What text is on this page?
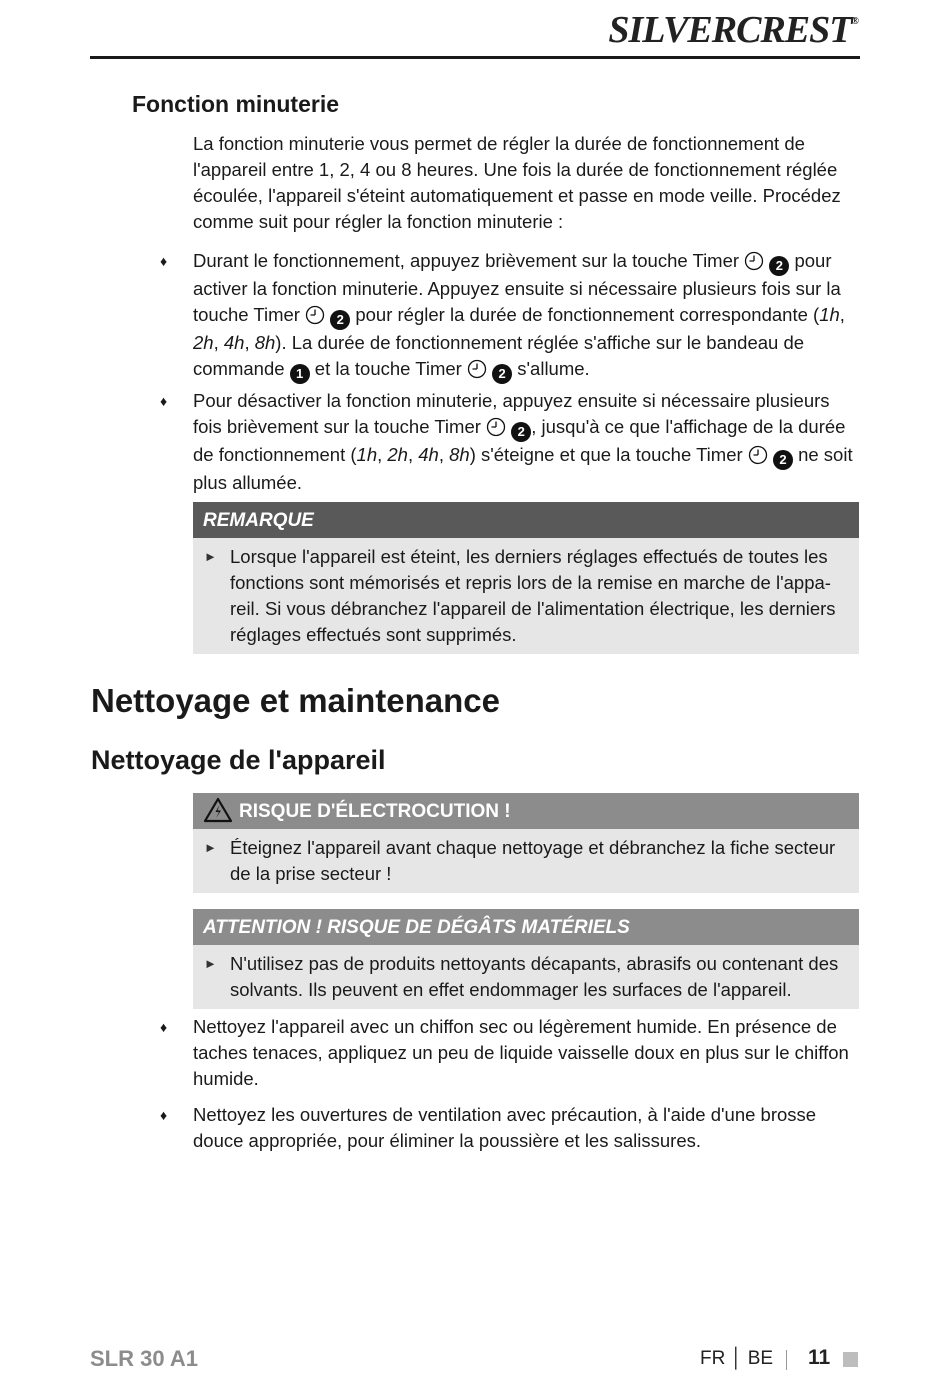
SILVERCREST®
Fonction minuterie
La fonction minuterie vous permet de régler la durée de fonctionnement de l'appareil entre 1, 2, 4 ou 8 heures. Une fois la durée de fonctionnement réglée écoulée, l'appareil s'éteint automatiquement et passe en mode veille. Procédez comme suit pour régler la fonction minuterie :
♦ Durant le fonctionnement, appuyez brièvement sur la touche Timer	2 pour activer la fonction minuterie. Appuyez ensuite si nécessaire plusieurs fois sur la touche Timer	2 pour régler la durée de fonctionnement correspondante (1h, 2h, 4h, 8h). La durée de fonctionnement réglée s'affiche sur le bandeau de commande 1 et la touche Timer	2 s'allume.
♦ Pour désactiver la fonction minuterie, appuyez ensuite si nécessaire plusieurs fois brièvement sur la touche Timer	2 , jusqu'à ce que l'affichage de la durée de fonctionnement (1h, 2h, 4h, 8h) s'éteigne et que la touche Timer	2 ne soit plus allumée.
REMARQUE
► Lorsque l'appareil est éteint, les derniers réglages effectués de toutes les fonctions sont mémorisés et repris lors de la remise en marche de l'appa-reil. Si vous débranchez l'appareil de l'alimentation électrique, les derniers réglages effectués sont supprimés.
Nettoyage et maintenance
Nettoyage de l'appareil
RISQUE D'ÉLECTROCUTION !
► Éteignez l'appareil avant chaque nettoyage et débranchez la fiche secteur de la prise secteur !
ATTENTION ! RISQUE DE DÉGÂTS MATÉRIELS
► N'utilisez pas de produits nettoyants décapants, abrasifs ou contenant des solvants. Ils peuvent en effet endommager les surfaces de l'appareil.
♦ Nettoyez l'appareil avec un chiffon sec ou légèrement humide. En présence de taches tenaces, appliquez un peu de liquide vaisselle doux en plus sur le chiffon humide.
♦ Nettoyez les ouvertures de ventilation avec précaution, à l'aide d'une brosse douce appropriée, pour éliminer la poussière et les salissures.
SLR 30 A1	FR │ BE 11
